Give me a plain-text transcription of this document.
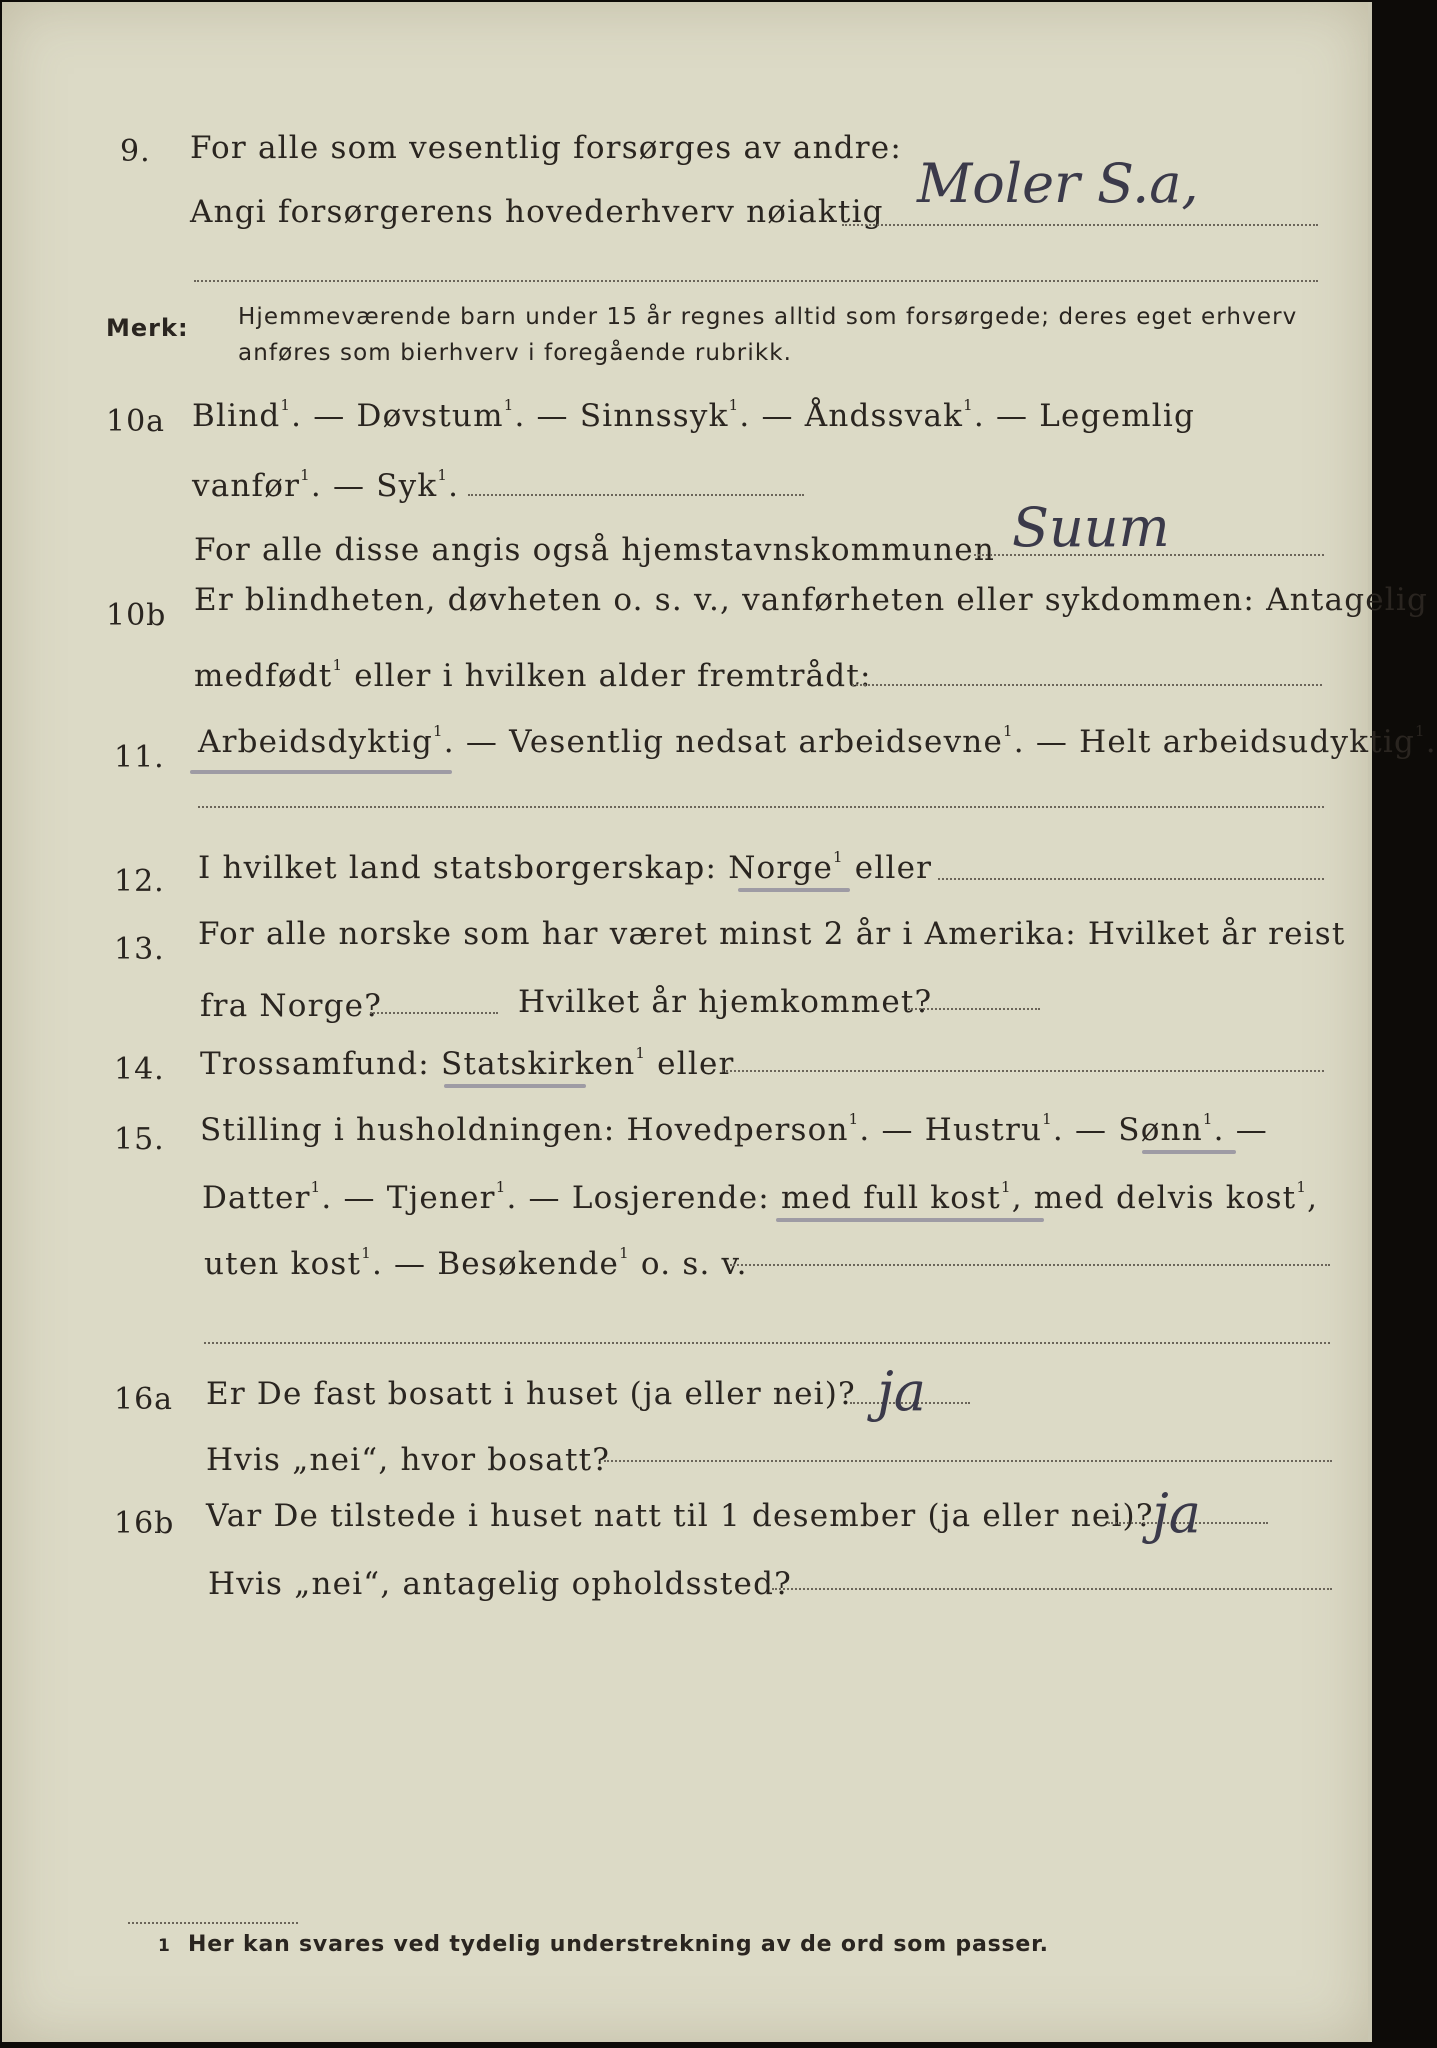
9. For alle som vesentlig forsørges av andre:
Angi forsørgerens hovederhverv nøiaktig Moler S.a,
Merk: Hjemmeværende barn under 15 år regnes alltid som forsørgede; deres eget erhverv
anføres som bierhverv i foregående rubrikk.
10a Blind$^1$. — Døvstum$^1$. — Sinnssyk$^1$. — Åndssvak$^1$. — Legemlig
vanfør$^1$. — Syk$^1$.
For alle disse angis også hjemstavnskommunen Suum
10b Er blindheten, døvheten o. s. v., vanførheten eller sykdommen: Antagelig
medfødt$^1$ eller i hvilken alder fremtrådt:
11. Arbeidsdyktig$^1$. — Vesentlig nedsat arbeidsevne$^1$. — Helt arbeidsudyktig$^1$.
12. I hvilket land statsborgerskap: Norge$^1$ eller
13. For alle norske som har været minst 2 år i Amerika: Hvilket år reist
fra Norge?	Hvilket år hjemkommet?
14. Trossamfund: Statskirken$^1$ eller
15. Stilling i husholdningen: Hovedperson$^1$. — Hustru$^1$. — Sønn$^1$. —
Datter$^1$. — Tjener$^1$. — Losjerende: med full kost$^1$, med delvis kost$^1$,
uten kost$^1$. — Besøkende$^1$ o. s. v.
16a Er De fast bosatt i huset (ja eller nei)? ja
Hvis „nei“, hvor bosatt?
16b Var De tilstede i huset natt til 1 desember (ja eller nei)?
ja
Hvis „nei“, antagelig opholdssted?
1 Her kan svares ved tydelig understrekning av de ord som passer.
